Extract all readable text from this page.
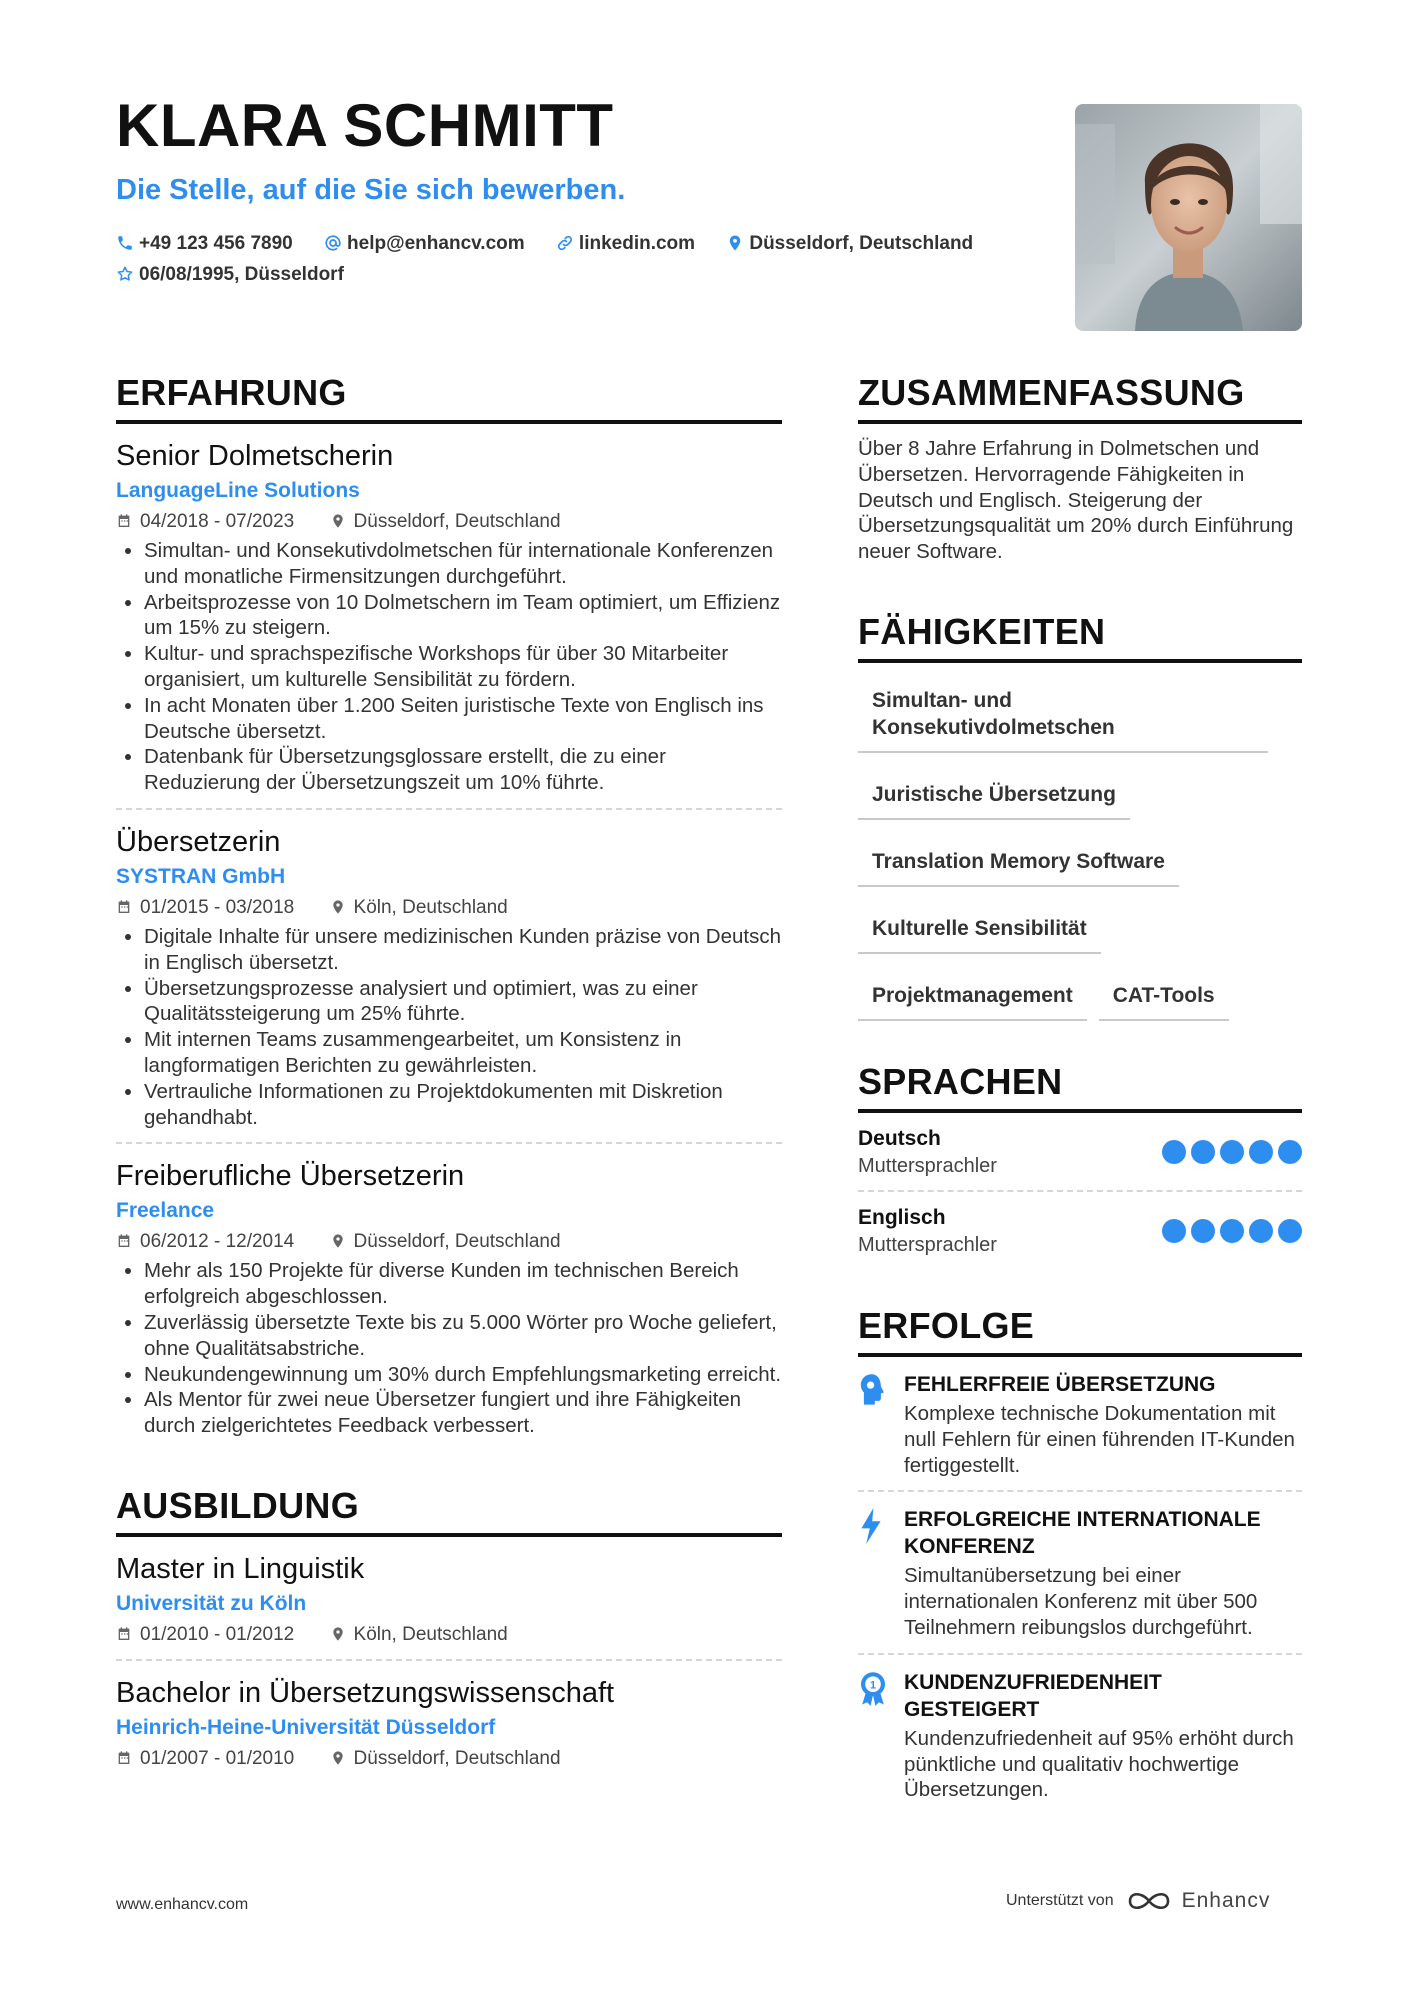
KLARA SCHMITT
Die Stelle, auf die Sie sich bewerben.
+49 123 456 7890	help@enhancv.com	linkedin.com	Düsseldorf, Deutschland
06/08/1995, Düsseldorf
ERFAHRUNG
Senior Dolmetscherin
LanguageLine Solutions
04/2018 - 07/2023	Düsseldorf, Deutschland
• Simultan- und Konsekutivdolmetschen für internationale Konferenzen und monatliche Firmensitzungen durchgeführt.
• Arbeitsprozesse von 10 Dolmetschern im Team optimiert, um Effizienz um 15% zu steigern.
• Kultur- und sprachspezifische Workshops für über 30 Mitarbeiter organisiert, um kulturelle Sensibilität zu fördern.
• In acht Monaten über 1.200 Seiten juristische Texte von Englisch ins Deutsche übersetzt.
• Datenbank für Übersetzungsglossare erstellt, die zu einer Reduzierung der Übersetzungszeit um 10% führte.
Übersetzerin
SYSTRAN GmbH
01/2015 - 03/2018	Köln, Deutschland
• Digitale Inhalte für unsere medizinischen Kunden präzise von Deutsch in Englisch übersetzt.
• Übersetzungsprozesse analysiert und optimiert, was zu einer Qualitätssteigerung um 25% führte.
• Mit internen Teams zusammengearbeitet, um Konsistenz in langformatigen Berichten zu gewährleisten.
• Vertrauliche Informationen zu Projektdokumenten mit Diskretion gehandhabt.
Freiberufliche Übersetzerin
Freelance
06/2012 - 12/2014	Düsseldorf, Deutschland
• Mehr als 150 Projekte für diverse Kunden im technischen Bereich erfolgreich abgeschlossen.
• Zuverlässig übersetzte Texte bis zu 5.000 Wörter pro Woche geliefert, ohne Qualitätsabstriche.
• Neukundengewinnung um 30% durch Empfehlungsmarketing erreicht.
• Als Mentor für zwei neue Übersetzer fungiert und ihre Fähigkeiten durch zielgerichtetes Feedback verbessert.
AUSBILDUNG
Master in Linguistik
Universität zu Köln
01/2010 - 01/2012	Köln, Deutschland
Bachelor in Übersetzungswissenschaft
Heinrich-Heine-Universität Düsseldorf
01/2007 - 01/2010	Düsseldorf, Deutschland
ZUSAMMENFASSUNG
Über 8 Jahre Erfahrung in Dolmetschen und Übersetzen. Hervorragende Fähigkeiten in Deutsch und Englisch. Steigerung der Übersetzungsqualität um 20% durch Einführung neuer Software.
FÄHIGKEITEN
Simultan- und Konsekutivdolmetschen
Juristische Übersetzung
Translation Memory Software
Kulturelle Sensibilität
Projektmanagement CAT-Tools
SPRACHEN
Deutsch
Muttersprachler
Englisch
Muttersprachler
ERFOLGE
FEHLERFREIE ÜBERSETZUNG
Komplexe technische Dokumentation mit null Fehlern für einen führenden IT-Kunden fertiggestellt.
ERFOLGREICHE INTERNATIONALE KONFERENZ
Simultanübersetzung bei einer internationalen Konferenz mit über 500 Teilnehmern reibungslos durchgeführt.
1 KUNDENZUFRIEDENHEIT GESTEIGERT
Kundenzufriedenheit auf 95% erhöht durch pünktliche und qualitativ hochwertige Übersetzungen.
www.enhancv.com	Unterstützt von	Enhancv
